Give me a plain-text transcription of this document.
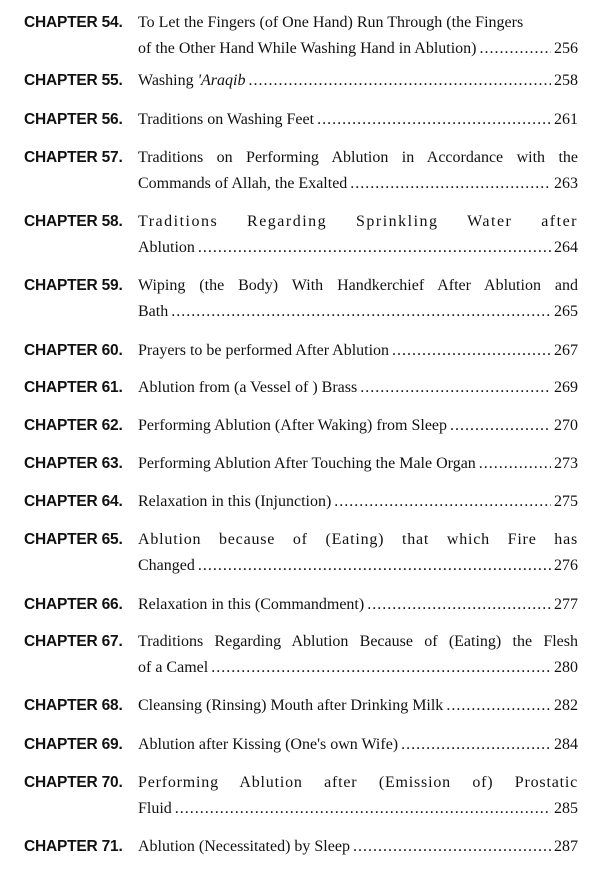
CHAPTER 54. To Let the Fingers (of One Hand) Run Through (the Fingers
of the Other Hand While Washing Hand in Ablution) .....	256
CHAPTER 55. Washing 'Araqib .....	258
CHAPTER 56. Traditions on Washing Feet .....	261
CHAPTER 57. Traditions on Performing Ablution in Accordance with the
Commands of Allah, the Exalted .....	263
CHAPTER 58. Traditions Regarding Sprinkling Water after
Ablution .....	264
CHAPTER 59. Wiping (the Body) With Handkerchief After Ablution and
Bath .....	265
CHAPTER 60. Prayers to be performed After Ablution .....	267
CHAPTER 61. Ablution from (a Vessel of ) Brass .....	269
CHAPTER 62. Performing Ablution (After Waking) from Sleep .....	270
CHAPTER 63. Performing Ablution After Touching the Male Organ .....	273
CHAPTER 64. Relaxation in this (Injunction) .....	275
CHAPTER 65. Ablution because of (Eating) that which Fire has
Changed .....	276
CHAPTER 66. Relaxation in this (Commandment) .....	277
CHAPTER 67. Traditions Regarding Ablution Because of (Eating) the Flesh
of a Camel .....	280
CHAPTER 68. Cleansing (Rinsing) Mouth after Drinking Milk .....	282
CHAPTER 69. Ablution after Kissing (One's own Wife) .....	284
CHAPTER 70. Performing Ablution after (Emission of) Prostatic
Fluid .....	285
CHAPTER 71. Ablution (Necessitated) by Sleep .....	287
